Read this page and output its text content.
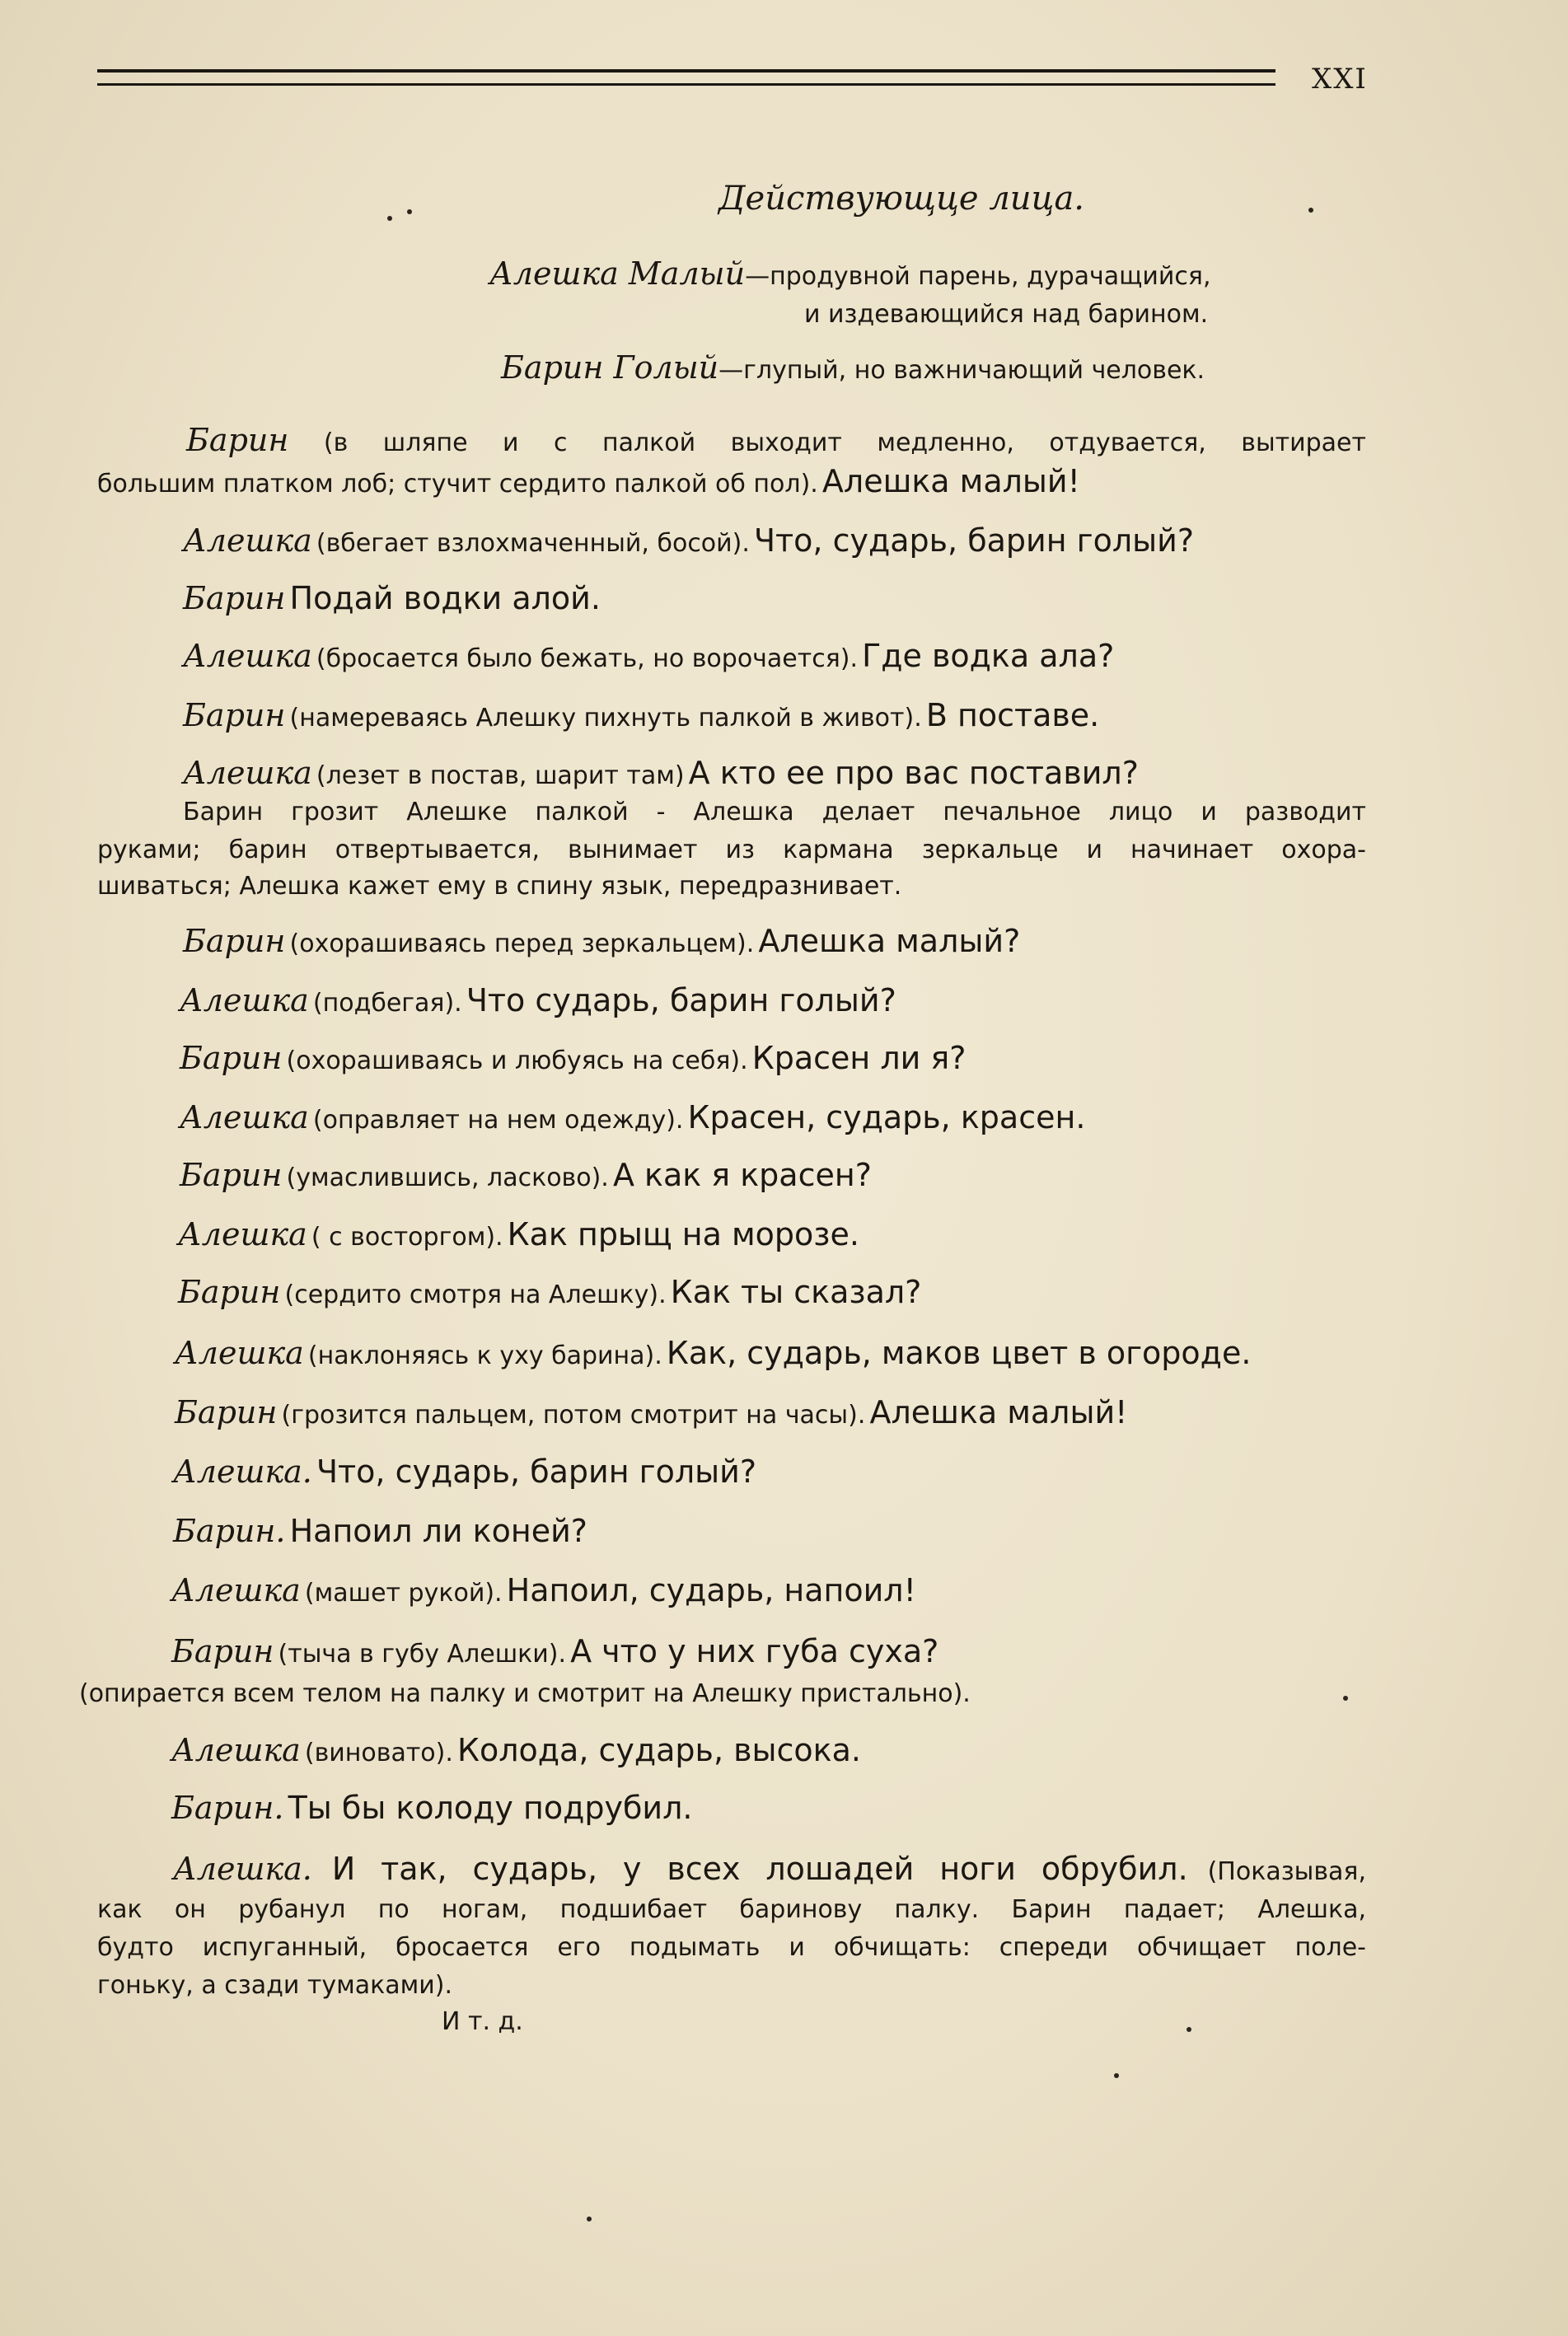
XXI
Действующце лица.
Алешка Малый—продувной парень, дурачащийся,
и издевающийся над барином.
Барин Голый—глупый, но важничающий человек.
Барин (в шляпе и с палкой выходит медленно, отдувается, вытирает
большим платком лоб; стучит сердито палкой об пол). Алешка малый!
Алешка (вбегает взлохмаченный, босой). Что, сударь, барин голый?
Барин Подай водки алой.
Алешка (бросается было бежать, но ворочается). Где водка ала?
Барин (намереваясь Алешку пихнуть палкой в живот). В поставе.
Алешка (лезет в постав, шарит там) А кто ее про вас поставил?
Барин грозит Алешке палкой - Алешка делает печальное лицо и разводит
руками; барин отвертывается, вынимает из кармана зеркальце и начинает охора-
шиваться; Алешка кажет ему в спину язык, передразнивает.
Барин (охорашиваясь перед зеркальцем). Алешка малый?
Алешка (подбегая). Что сударь, барин голый?
Барин (охорашиваясь и любуясь на себя). Красен ли я?
Алешка (оправляет на нем одежду). Красен, сударь, красен.
Барин (умаслившись, ласково). А как я красен?
Алешка ( с восторгом). Как прыщ на морозе.
Барин (сердито смотря на Алешку). Как ты сказал?
Алешка (наклоняясь к уху барина). Как, сударь, маков цвет в огороде.
Барин (грозится пальцем, потом смотрит на часы). Алешка малый!
Алешка. Что, сударь, барин голый?
Барин. Напоил ли коней?
Алешка (машет рукой). Напоил, сударь, напоил!
Барин (тыча в губу Алешки). А что у них губа суха?
(опирается всем телом на палку и смотрит на Алешку пристально).
Алешка (виновато). Колода, сударь, высока.
Барин. Ты бы колоду подрубил.
Алешка. И так, сударь, у всех лошадей ноги обрубил. (Показывая,
как он рубанул по ногам, подшибает баринову палку. Барин падает; Алешка,
будто испуганный, бросается его подымать и обчищать: спереди обчищает поле-
гоньку, а сзади тумаками).
И т. д.
